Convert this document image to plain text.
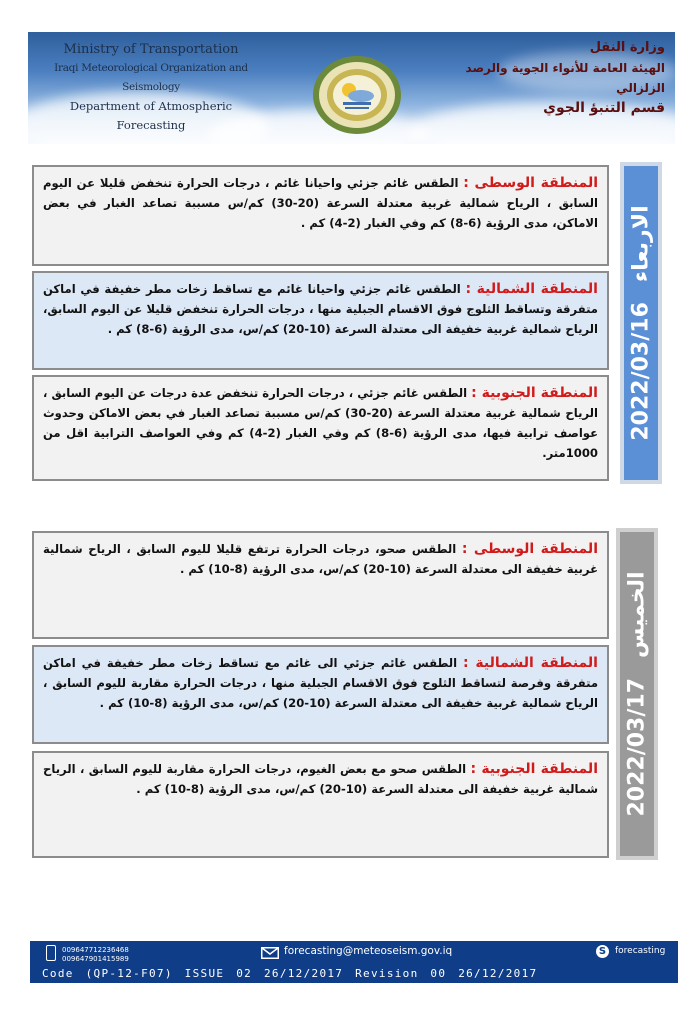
Ministry of Transportation
Iraqi Meteorological Organization and Seismology
Department of Atmospheric Forecasting
وزارة النقل
الهيئة العامة للأنواء الجوية والرصد الزلزالي
قسم التنبؤ الجوي
2022/03/16الاربعاء
المنطقة الوسطى : الطقس غائم جزئي واحيانا غائم ، درجات الحرارة تنخفض قليلا عن اليوم السابق ، الرياح شمالية غربية معتدلة السرعة (20-30) كم/س مسببة تصاعد الغبار في بعض الاماكن، مدى الرؤية (6-8) كم وفي الغبار (2-4) كم .
المنطقة الشمالية : الطقس غائم جزئي واحيانا غائم مع تساقط زخات مطر خفيفة في اماكن متفرقة وتساقط الثلوج فوق الاقسام الجبلية منها ، درجات الحرارة تنخفض قليلا عن اليوم السابق، الرياح شمالية غربية خفيفة الى معتدلة السرعة (10-20) كم/س، مدى الرؤية (6-8) كم .
المنطقة الجنوبية : الطقس غائم جزئي ، درجات الحرارة تنخفض عدة درجات عن اليوم السابق ، الرياح شمالية غربية معتدلة السرعة (20-30) كم/س مسببة تصاعد الغبار في بعض الاماكن وحدوث عواصف ترابية فيها، مدى الرؤية (6-8) كم وفي الغبار (2-4) كم وفي العواصف الترابية اقل من 1000متر.
2022/03/17الخميس
المنطقة الوسطى : الطقس صحو، درجات الحرارة ترتفع قليلا لليوم السابق ، الرياح شمالية غربية خفيفة الى معتدلة السرعة (10-20) كم/س، مدى الرؤية (8-10) كم .
المنطقة الشمالية : الطقس غائم جزئي الى غائم مع تساقط زخات مطر خفيفة في اماكن متفرقة وفرصة لتساقط الثلوج فوق الاقسام الجبلية منها ، درجات الحرارة مقاربة لليوم السابق ، الرياح شمالية غربية خفيفة الى معتدلة السرعة (10-20) كم/س، مدى الرؤية (8-10) كم .
المنطقة الجنوبية : الطقس صحو مع بعض الغيوم، درجات الحرارة مقاربة لليوم السابق ، الرياح شمالية غربية خفيفة الى معتدلة السرعة (10-20) كم/س، مدى الرؤية (8-10) كم .
009647712236468
009647901415989
forecasting@meteoseism.gov.iq	S forecasting
Code (QP-12-F07) ISSUE 02 26/12/2017 Revision 00 26/12/2017
